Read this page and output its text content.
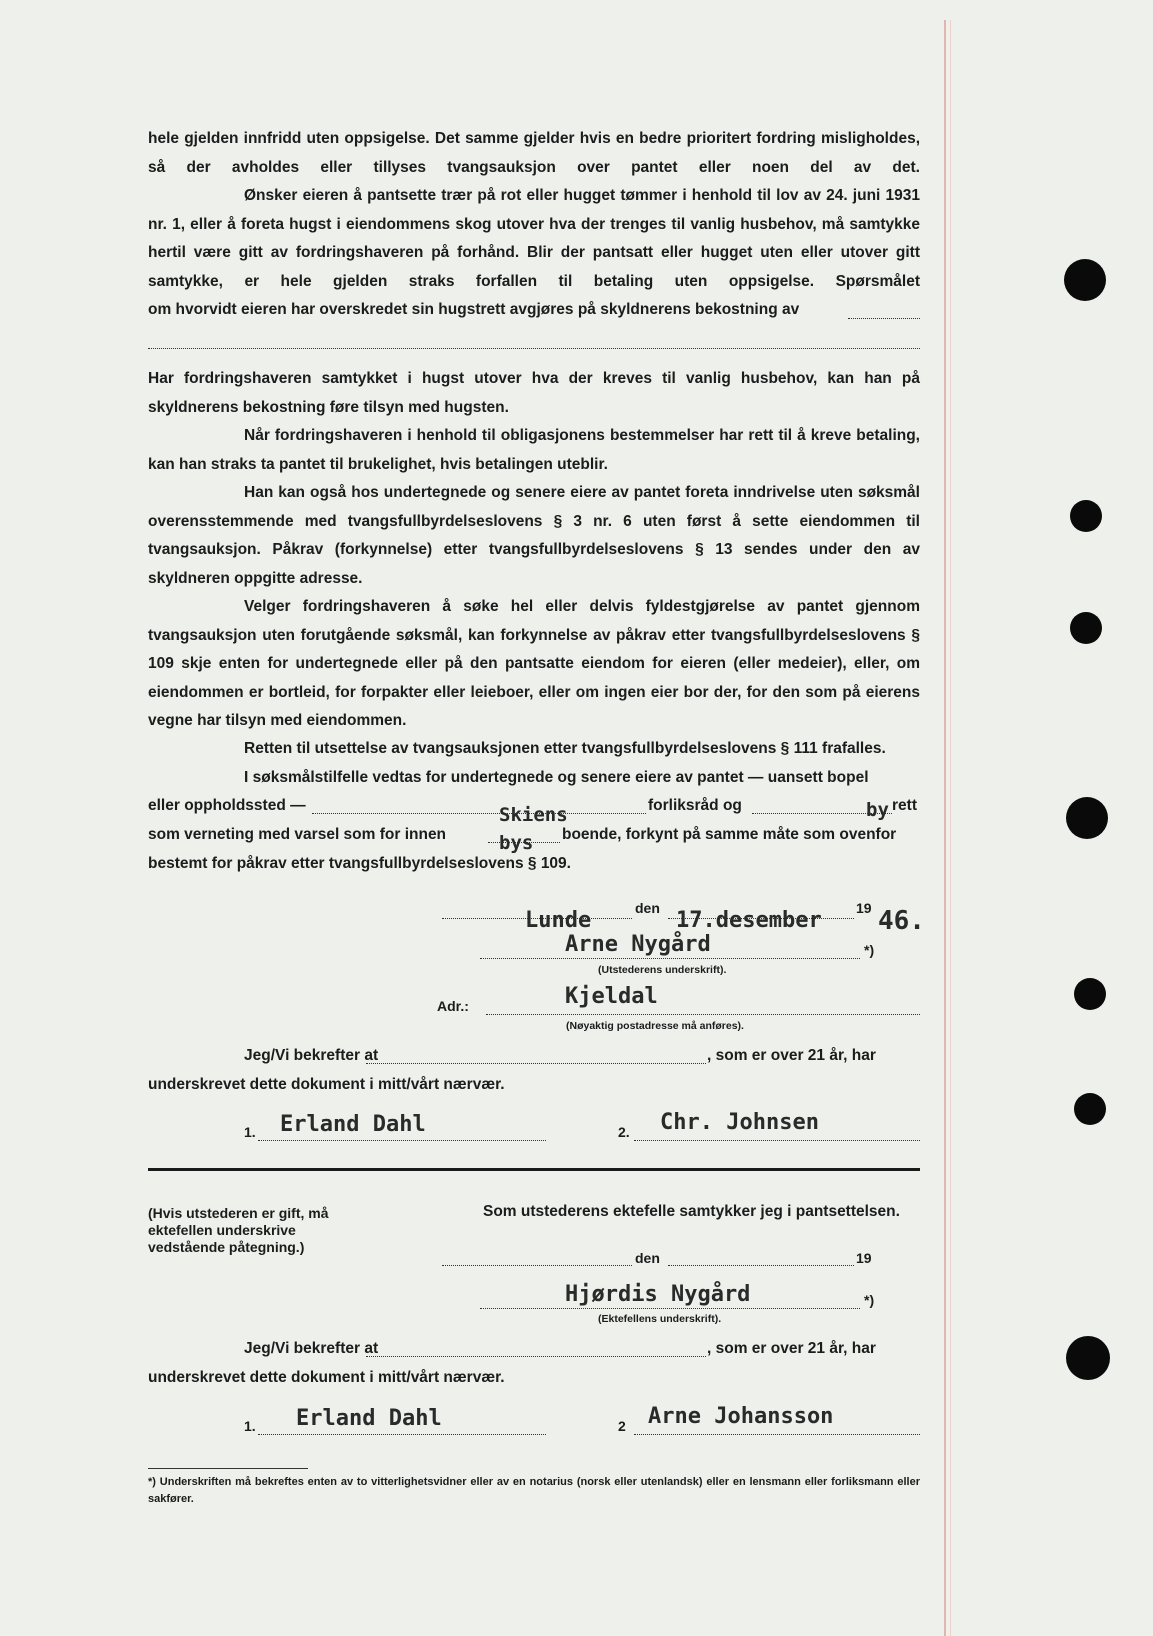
hele gjelden innfridd uten oppsigelse. Det samme gjelder hvis en bedre prioritert fordring misligholdes, så der avholdes eller tillyses tvangsauksjon over pantet eller noen del av det.

Ønsker eieren å pantsette trær på rot eller hugget tømmer i henhold til lov av 24. juni 1931 nr. 1, eller å foreta hugst i eiendommens skog utover hva der trenges til vanlig husbehov, må samtykke hertil være gitt av fordringshaveren på forhånd. Blir der pantsatt eller hugget uten eller utover gitt samtykke, er hele gjelden straks forfallen til betaling uten oppsigelse. Spørsmålet

om hvorvidt eieren har overskredet sin hugstrett avgjøres på skyldnerens bekostning av

Har fordringshaveren samtykket i hugst utover hva der kreves til vanlig husbehov, kan han på skyldnerens bekostning føre tilsyn med hugsten.

Når fordringshaveren i henhold til obligasjonens bestemmelser har rett til å kreve betaling, kan han straks ta pantet til brukelighet, hvis betalingen uteblir.

Han kan også hos undertegnede og senere eiere av pantet foreta inndrivelse uten søksmål overensstemmende med tvangsfullbyrdelseslovens § 3 nr. 6 uten først å sette eiendommen til tvangsauksjon. Påkrav (forkynnelse) etter tvangsfullbyrdelseslovens § 13 sendes under den av skyldneren oppgitte adresse.

Velger fordringshaveren å søke hel eller delvis fyldestgjørelse av pantet gjennom tvangsauksjon uten forutgående søksmål, kan forkynnelse av påkrav etter tvangsfullbyrdelseslovens § 109 skje enten for undertegnede eller på den pantsatte eiendom for eieren (eller medeier), eller, om eiendommen er bortleid, for forpakter eller leieboer, eller om ingen eier bor der, for den som på eierens vegne har tilsyn med eiendommen.

Retten til utsettelse av tvangsauksjonen etter tvangsfullbyrdelseslovens § 111 frafalles.

I søksmålstilfelle vedtas for undertegnede og senere eiere av pantet — uansett bopel

eller oppholdssted —	Skiens	forliksråd og	by rett
som verneting med varsel som for innen	bys boende, forkynt på samme måte som ovenfor
bestemt for påkrav etter tvangsfullbyrdelseslovens § 109.
Lunde	den 17.desember 19 46.
Arne Nygård	*)
(Utstederens underskrift).
Adr.:	Kjeldal
(Nøyaktig postadresse må anføres).
Jeg/Vi bekrefter at	, som er over 21 år, har
underskrevet dette dokument i mitt/vårt nærvær.
1. Erland Dahl	2. Chr. Johnsen
(Hvis utstederen er gift, må ektefellen underskrive vedstående påtegning.)
Som utstederens ektefelle samtykker jeg i pantsettelsen.
den	19
Hjørdis Nygård	*)
(Ektefellens underskrift).
Jeg/Vi bekrefter at	, som er over 21 år, har
underskrevet dette dokument i mitt/vårt nærvær.
1. Erland Dahl	2 Arne Johansson
*) Underskriften må bekreftes enten av to vitterlighetsvidner eller av en notarius (norsk eller utenlandsk) eller en lensmann eller forliksmann eller sakfører.
